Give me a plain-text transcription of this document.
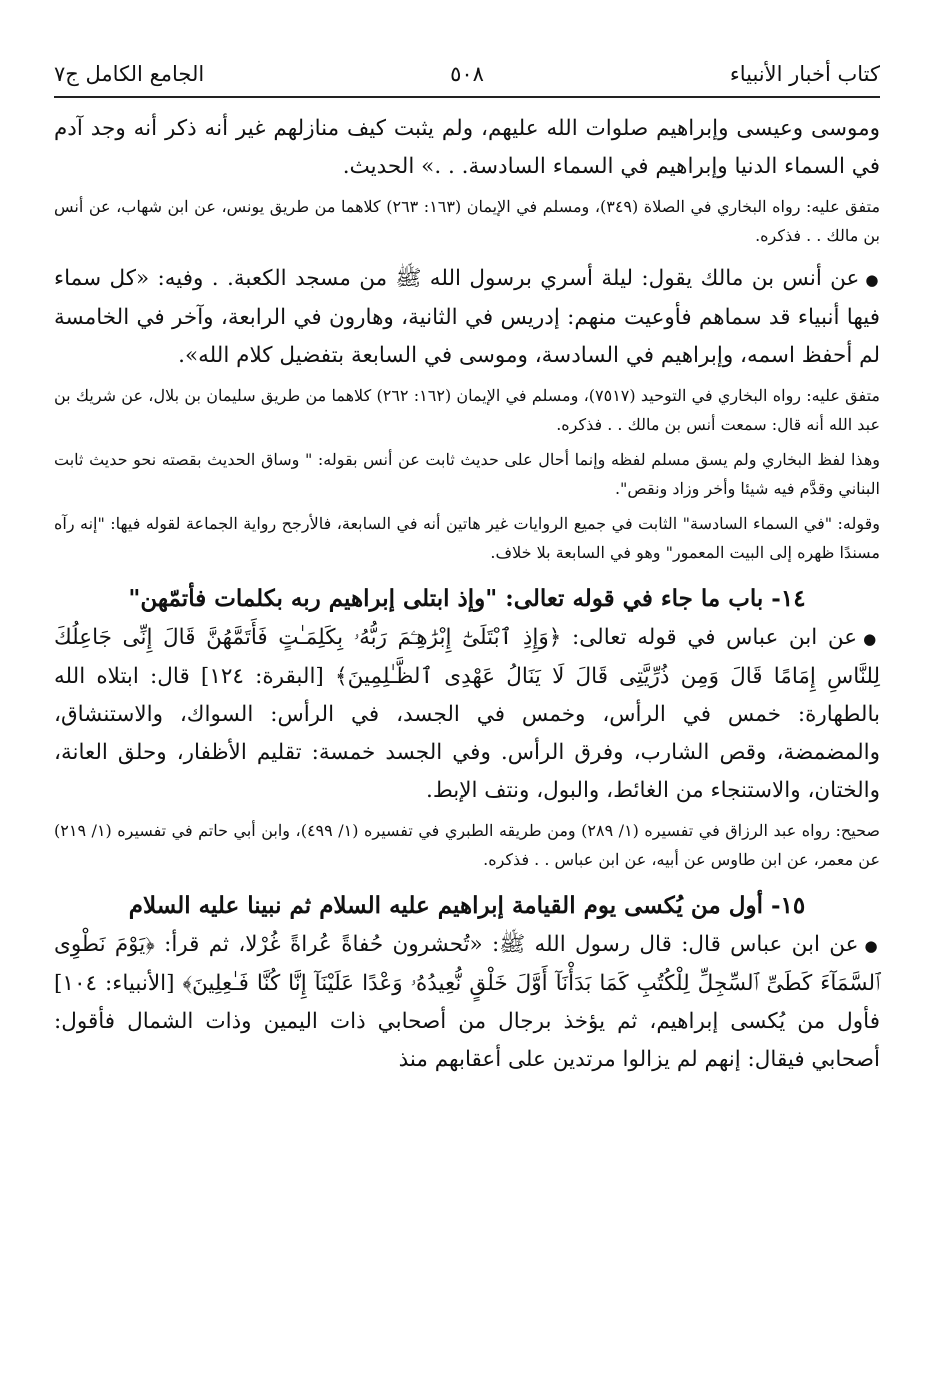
كتاب أخبار الأنبياء
٥٠٨
الجامع الكامل ج٧

وموسى وعيسى وإبراهيم صلوات الله عليهم، ولم يثبت كيف منازلهم غير أنه ذكر أنه وجد آدم في السماء الدنيا وإبراهيم في السماء السادسة. . .» الحديث.

متفق عليه: رواه البخاري في الصلاة (٣٤٩)، ومسلم في الإيمان (١٦٣: ٢٦٣) كلاهما من طريق يونس، عن ابن شهاب، عن أنس بن مالك . . فذكره.

● عن أنس بن مالك يقول: ليلة أسري برسول الله ﷺ من مسجد الكعبة. . وفيه: «كل سماء فيها أنبياء قد سماهم فأوعيت منهم: إدريس في الثانية، وهارون في الرابعة، وآخر في الخامسة لم أحفظ اسمه، وإبراهيم في السادسة، وموسى في السابعة بتفضيل كلام الله».

متفق عليه: رواه البخاري في التوحيد (٧٥١٧)، ومسلم في الإيمان (١٦٢: ٢٦٢) كلاهما من طريق سليمان بن بلال، عن شريك بن عبد الله أنه قال: سمعت أنس بن مالك . . فذكره.

وهذا لفظ البخاري ولم يسق مسلم لفظه وإنما أحال على حديث ثابت عن أنس بقوله: " وساق الحديث بقصته نحو حديث ثابت البناني وقدَّم فيه شيئا وأخر وزاد ونقص".

وقوله: "في السماء السادسة" الثابت في جميع الروايات غير هاتين أنه في السابعة، فالأرجح رواية الجماعة لقوله فيها: "إنه رآه مسندًا ظهره إلى البيت المعمور" وهو في السابعة بلا خلاف.

١٤- باب ما جاء في قوله تعالى: "وإذ ابتلى إبراهيم ربه بكلمات فأتمّهن"

● عن ابن عباس في قوله تعالى: ﴿وَإِذِ ٱبْتَلَىٰٓ إِبْرَٰهِـۧمَ رَبُّهُۥ بِكَلِمَـٰتٍ فَأَتَمَّهُنَّ قَالَ إِنِّى جَاعِلُكَ لِلنَّاسِ إِمَامًا قَالَ وَمِن ذُرِّيَّتِى قَالَ لَا يَنَالُ عَهْدِى ٱلظَّـٰلِمِينَ﴾ [البقرة: ١٢٤] قال: ابتلاه الله بالطهارة: خمس في الرأس، وخمس في الجسد، في الرأس: السواك، والاستنشاق، والمضمضة، وقص الشارب، وفرق الرأس. وفي الجسد خمسة: تقليم الأظفار، وحلق العانة، والختان، والاستنجاء من الغائط، والبول، ونتف الإبط.

صحيح: رواه عبد الرزاق في تفسيره (١/ ٢٨٩) ومن طريقه الطبري في تفسيره (١/ ٤٩٩)، وابن أبي حاتم في تفسيره (١/ ٢١٩) عن معمر، عن ابن طاوس عن أبيه، عن ابن عباس . . فذكره.

١٥- أول من يُكسى يوم القيامة إبراهيم عليه السلام ثم نبينا عليه السلام

● عن ابن عباس قال: قال رسول الله ﷺ: «تُحشرون حُفاةً عُراةً غُرْلا، ثم قرأ: ﴿يَوْمَ نَطْوِى ٱلسَّمَآءَ كَطَىِّ ٱلسِّجِلِّ لِلْكُتُبِ كَمَا بَدَأْنَآ أَوَّلَ خَلْقٍ نُّعِيدُهُۥ وَعْدًا عَلَيْنَآ إِنَّا كُنَّا فَـٰعِلِينَ﴾ [الأنبياء: ١٠٤] فأول من يُكسى إبراهيم، ثم يؤخذ برجال من أصحابي ذات اليمين وذات الشمال فأقول: أصحابي فيقال: إنهم لم يزالوا مرتدين على أعقابهم منذ
